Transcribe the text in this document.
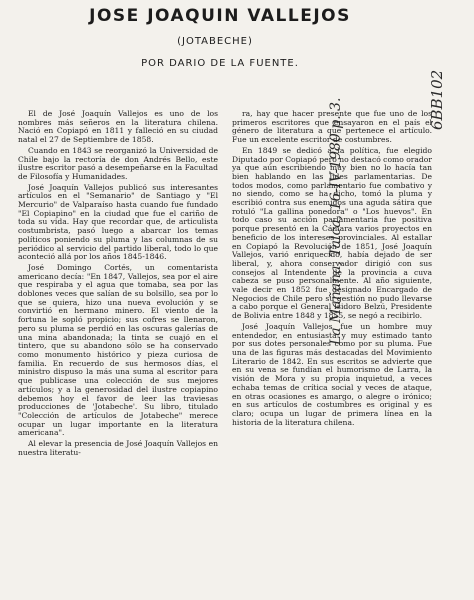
JOSE JOAQUIN VALLEJOS
(JOTABECHE)
POR DARIO DE LA FUENTE.

El de José Joaquín Vallejos es uno de los nombres más señeros en la literatura chilena. Nació en Copiapó en 1811 y falleció en su ciudad natal el 27 de Septiembre de 1858.

Cuando en 1843 se reorganizó la Universidad de Chile bajo la rectoría de don Andrés Bello, este ilustre escritor pasó a desempeñarse en la Facultad de Filosofía y Humanidades.

José Joaquín Vallejos publicó sus interesantes artículos en el "Semanario" de Santiago y "El Mercurio" de Valparaíso hasta cuando fue fundado "El Copiapino" en la ciudad que fue el cariño de toda su vida. Hay que recordar que, de articulista costumbrista, pasó luego a abarcar los temas políticos poniendo su pluma y las columnas de su periódico al servicio del partido liberal, todo lo que aconteció allá por los años 1845-1846.

José Domingo Cortés, un comentarista americano decía: "En 1847, Vallejos, sea por el aire que respiraba y el agua que tomaba, sea por las doblones veces que salían de su bolsillo, sea por lo que se quiera, hizo una nueva evolución y se convirtió en hermano minero. El viento de la fortuna le sopló propicio; sus cofres se llenaron, pero su pluma se perdió en las oscuras galerías de una mina abandonada; la tinta se cuajó en el tintero, que su abandono sólo se ha conservado como monumento histórico y pieza curiosa de familia. En recuerdo de sus hermosos días, el ministro dispuso la más una suma al escritor para que publicase una colección de sus mejores artículos; y a la generosidad del ilustre copiapino debemos hoy el favor de leer las traviesas producciones de 'Jotabeche'. Su libro, titulado "Colección de artículos de Jotabeche" merece ocupar un lugar importante en la literatura americana".

Al elevar la presencia de José Joaquín Vallejos en nuestra literatu-

ra, hay que hacer presente que fue uno de los primeros escritores que ensayaron en el país el género de literatura a que pertenece el artículo. Fue un excelente escritor de costumbres.

En 1849 se dedicó a la política, fue elegido Diputado por Copiapó pero no destacó como orador ya que aún escribiendo muy bien no lo hacía tan bien hablando en las lides parlamentarias. De todos modos, como parlamentario fue combativo y no siendo, como se ha dicho, tomó la pluma y escribió contra sus enemigos una aguda sátira que rotuló "La gallina ponedora" o "Los huevos". En todo caso su acción parlamentaria fue positiva porque presentó en la Cámara varios proyectos en beneficio de los intereses provinciales. Al estallar en Copiapó la Revolución de 1851, José Joaquín Vallejos, varió enriquecido, había dejado de ser liberal, y, ahora conservador dirigió con sus consejos al Intendente de la provincia a cuva cabeza se puso personalmente. Al año siguiente, vale decir en 1852 fue designado Encargado de Negocios de Chile pero su gestión no pudo llevarse a cabo porque el General Isidoro Belzú, Presidente de Bolivia entre 1848 y 1855, se negó a recibirlo.

José Joaquín Vallejos fue un hombre muy entendedor, en entusiasta y muy estimado tanto por sus dotes personales como por su pluma. Fue una de las figuras más destacadas del Movimiento Literario de 1842. En sus escritos se advierte que en su vena se fundían el humorismo de Larra, la visión de Mora y su propia inquietud, a veces echaba temas de crítica social y veces de ataque, en otras ocasiones es amargo, o alegre o irónico; en sus artículos de costumbres es original y es claro; ocupa un lugar de primera línea en la historia de la literatura chilena.

La Mañana, Talca, 16-IV-1980 p. 3.	6BB102
